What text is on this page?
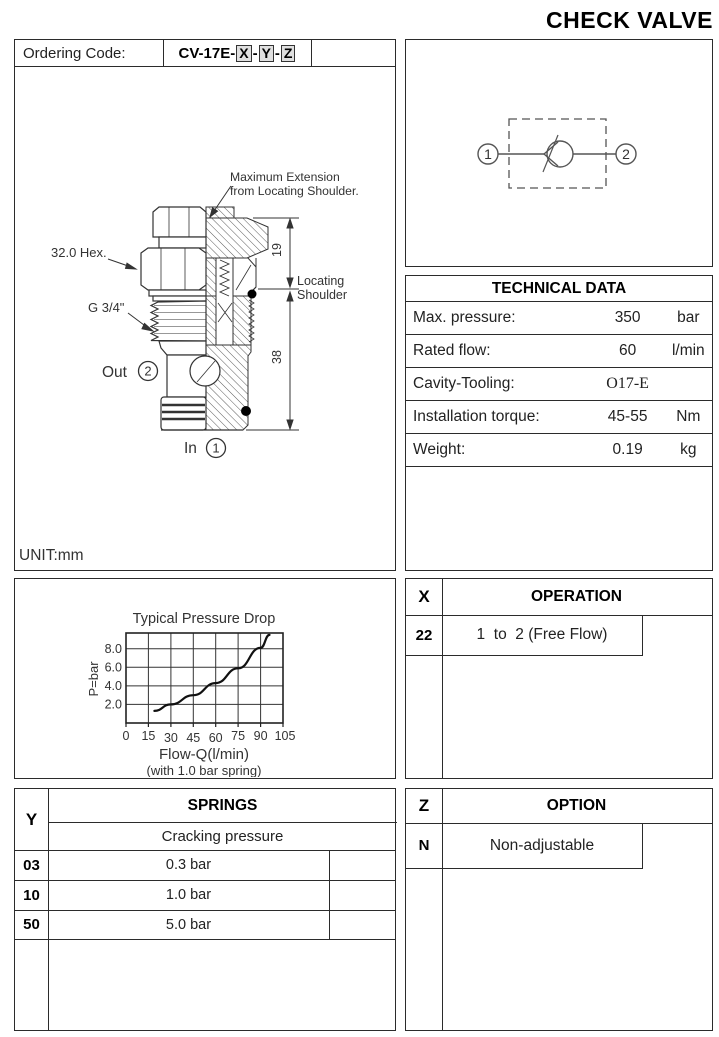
CHECK VALVE
Ordering Code:	CV-17E- X - Y - Z
Maximum Extension
from Locating Shoulder.
32.0 Hex.
G 3/4"
19
38
Locating
Shoulder
Out 2
In 1
UNIT:mm
1	2
TECHNICAL DATA
Max. pressure:	350	bar
Rated flow:	60	l/min
Cavity-Tooling:	O17-E
Installation torque:	45-55	Nm
Weight:	0.19	kg
Typical Pressure Drop
8.0
6.0
4.0
2.0
0 15 30 45 60 75 90 105
P=bar
Flow-Q(l/min)
(with 1.0 bar spring)
X	OPERATION
22	1  to  2 (Free Flow)
Y
SPRINGS
Cracking pressure
03	0.3 bar
10	1.0 bar
50	5.0 bar
Z	OPTION
N	Non-adjustable
